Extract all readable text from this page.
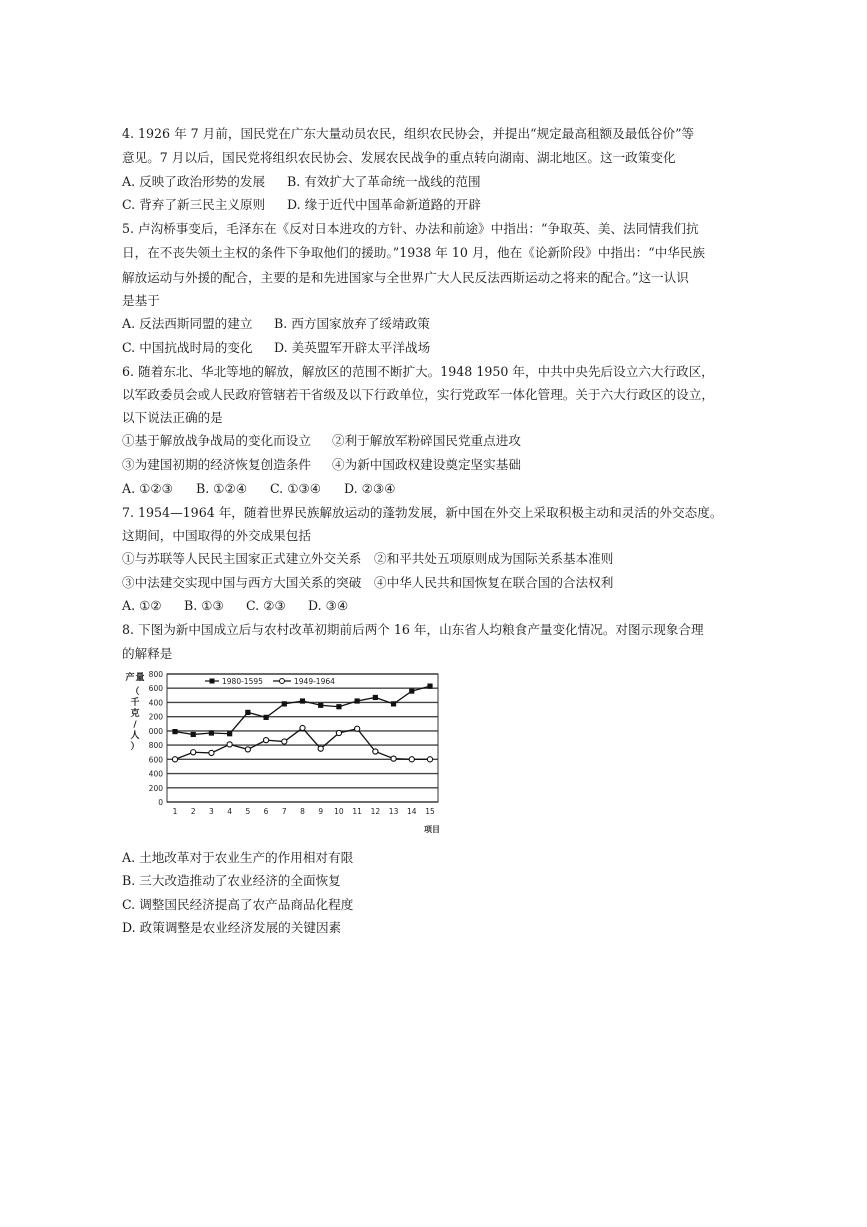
4. 1926 年 7 月前，国民党在广东大量动员农民，组织农民协会，并提出“规定最高租额及最低谷价”等
意见。7 月以后，国民党将组织农民协会、发展农民战争的重点转向湖南、湖北地区。这一政策变化
A. 反映了政治形势的发展 B. 有效扩大了革命统一战线的范围
C. 背弃了新三民主义原则 D. 缘于近代中国革命新道路的开辟
5. 卢沟桥事变后，毛泽东在《反对日本进攻的方针、办法和前途》中指出：“争取英、美、法同情我们抗
日，在不丧失领土主权的条件下争取他们的援助。”1938 年 10 月，他在《论新阶段》中指出：“中华民族
解放运动与外援的配合，主要的是和先进国家与全世界广大人民反法西斯运动之将来的配合。”这一认识
是基于
A. 反法西斯同盟的建立 B. 西方国家放弃了绥靖政策
C. 中国抗战时局的变化 D. 美英盟军开辟太平洋战场
6. 随着东北、华北等地的解放，解放区的范围不断扩大。1948 1950 年，中共中央先后设立六大行政区，
以军政委员会或人民政府管辖若干省级及以下行政单位，实行党政军一体化管理。关于六大行政区的设立，
以下说法正确的是
①基于解放战争战局的变化而设立 ②利于解放军粉碎国民党重点进攻
③为建国初期的经济恢复创造条件 ④为新中国政权建设奠定坚实基础
A. ①②③ B. ①②④ C. ①③④ D. ②③④
7. 1954—1964 年，随着世界民族解放运动的蓬勃发展，新中国在外交上采取积极主动和灵活的外交态度。
这期间，中国取得的外交成果包括
①与苏联等人民民主国家正式建立外交关系 ②和平共处五项原则成为国际关系基本准则
③中法建交实现中国与西方大国关系的突破 ④中华人民共和国恢复在联合国的合法权利
A. ①② B. ①③ C. ②③ D. ③④
8. 下图为新中国成立后与农村改革初期前后两个 16 年，山东省人均粮食产量变化情况。对图示现象合理
的解释是
800
600
400
200
000
800
600
400
200
0
1 2 3 4 5 6 7 8 9 10 11 12 13 14 15
项目
产量（千克/人）
1980-1595	1949-1964
A. 土地改革对于农业生产的作用相对有限
B. 三大改造推动了农业经济的全面恢复
C. 调整国民经济提高了农产品商品化程度
D. 政策调整是农业经济发展的关键因素
